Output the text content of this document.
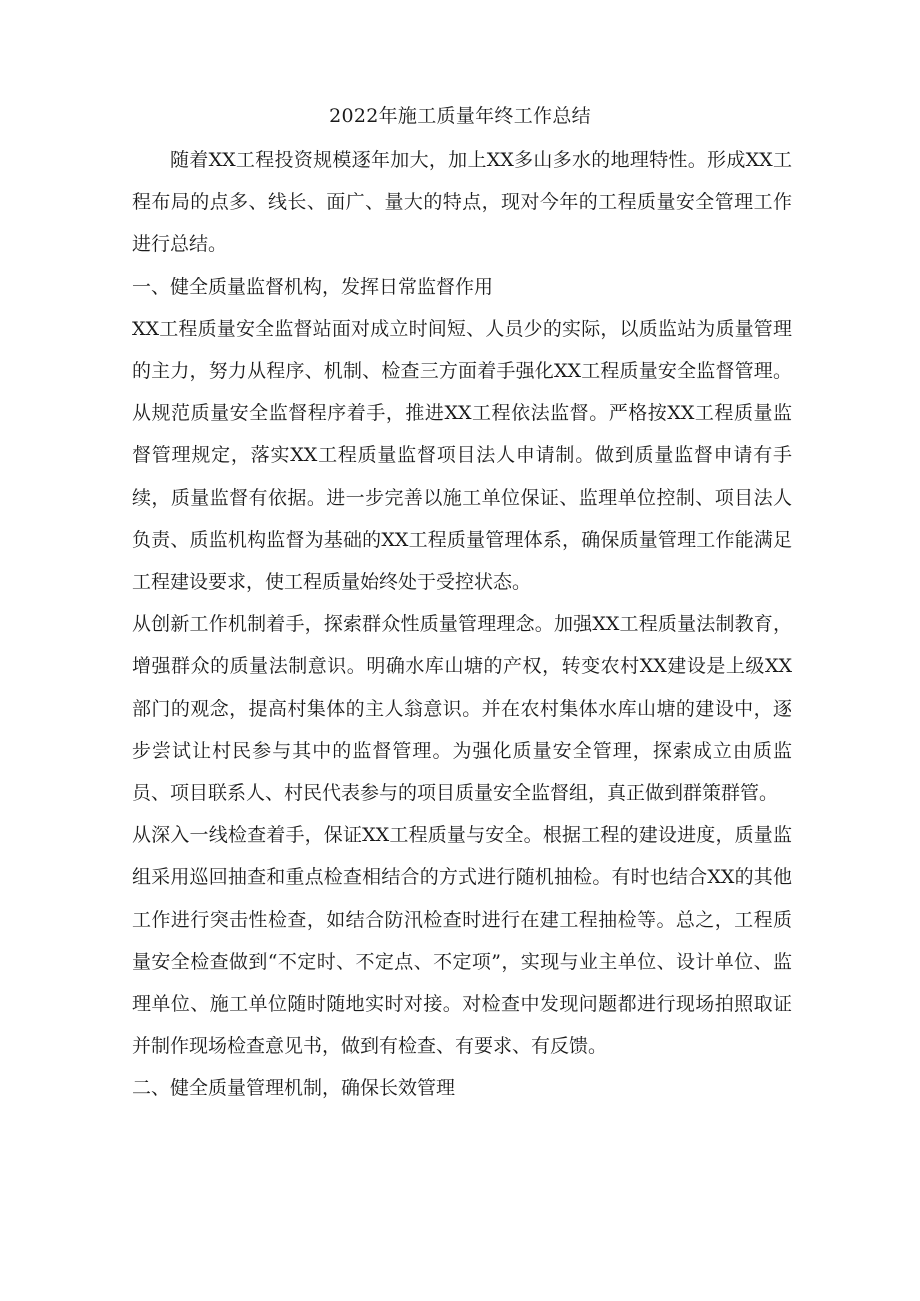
2022年施工质量年终工作总结

随着XX工程投资规模逐年加大，加上XX多山多水的地理特性。形成XX工程布局的点多、线长、面广、量大的特点，现对今年的工程质量安全管理工作进行总结。

一、健全质量监督机构，发挥日常监督作用

XX工程质量安全监督站面对成立时间短、人员少的实际，以质监站为质量管理的主力，努力从程序、机制、检查三方面着手强化XX工程质量安全监督管理。从规范质量安全监督程序着手，推进XX工程依法监督。严格按XX工程质量监督管理规定，落实XX工程质量监督项目法人申请制。做到质量监督申请有手续，质量监督有依据。进一步完善以施工单位保证、监理单位控制、项目法人负责、质监机构监督为基础的XX工程质量管理体系，确保质量管理工作能满足工程建设要求，使工程质量始终处于受控状态。

从创新工作机制着手，探索群众性质量管理理念。加强XX工程质量法制教育，增强群众的质量法制意识。明确水库山塘的产权，转变农村XX建设是上级XX部门的观念，提高村集体的主人翁意识。并在农村集体水库山塘的建设中，逐步尝试让村民参与其中的监督管理。为强化质量安全管理，探索成立由质监员、项目联系人、村民代表参与的项目质量安全监督组，真正做到群策群管。

从深入一线检查着手，保证XX工程质量与安全。根据工程的建设进度，质量监组采用巡回抽查和重点检查相结合的方式进行随机抽检。有时也结合XX的其他工作进行突击性检查，如结合防汛检查时进行在建工程抽检等。总之，工程质量安全检查做到“不定时、不定点、不定项”，实现与业主单位、设计单位、监理单位、施工单位随时随地实时对接。对检查中发现问题都进行现场拍照取证并制作现场检查意见书，做到有检查、有要求、有反馈。

二、健全质量管理机制，确保长效管理
